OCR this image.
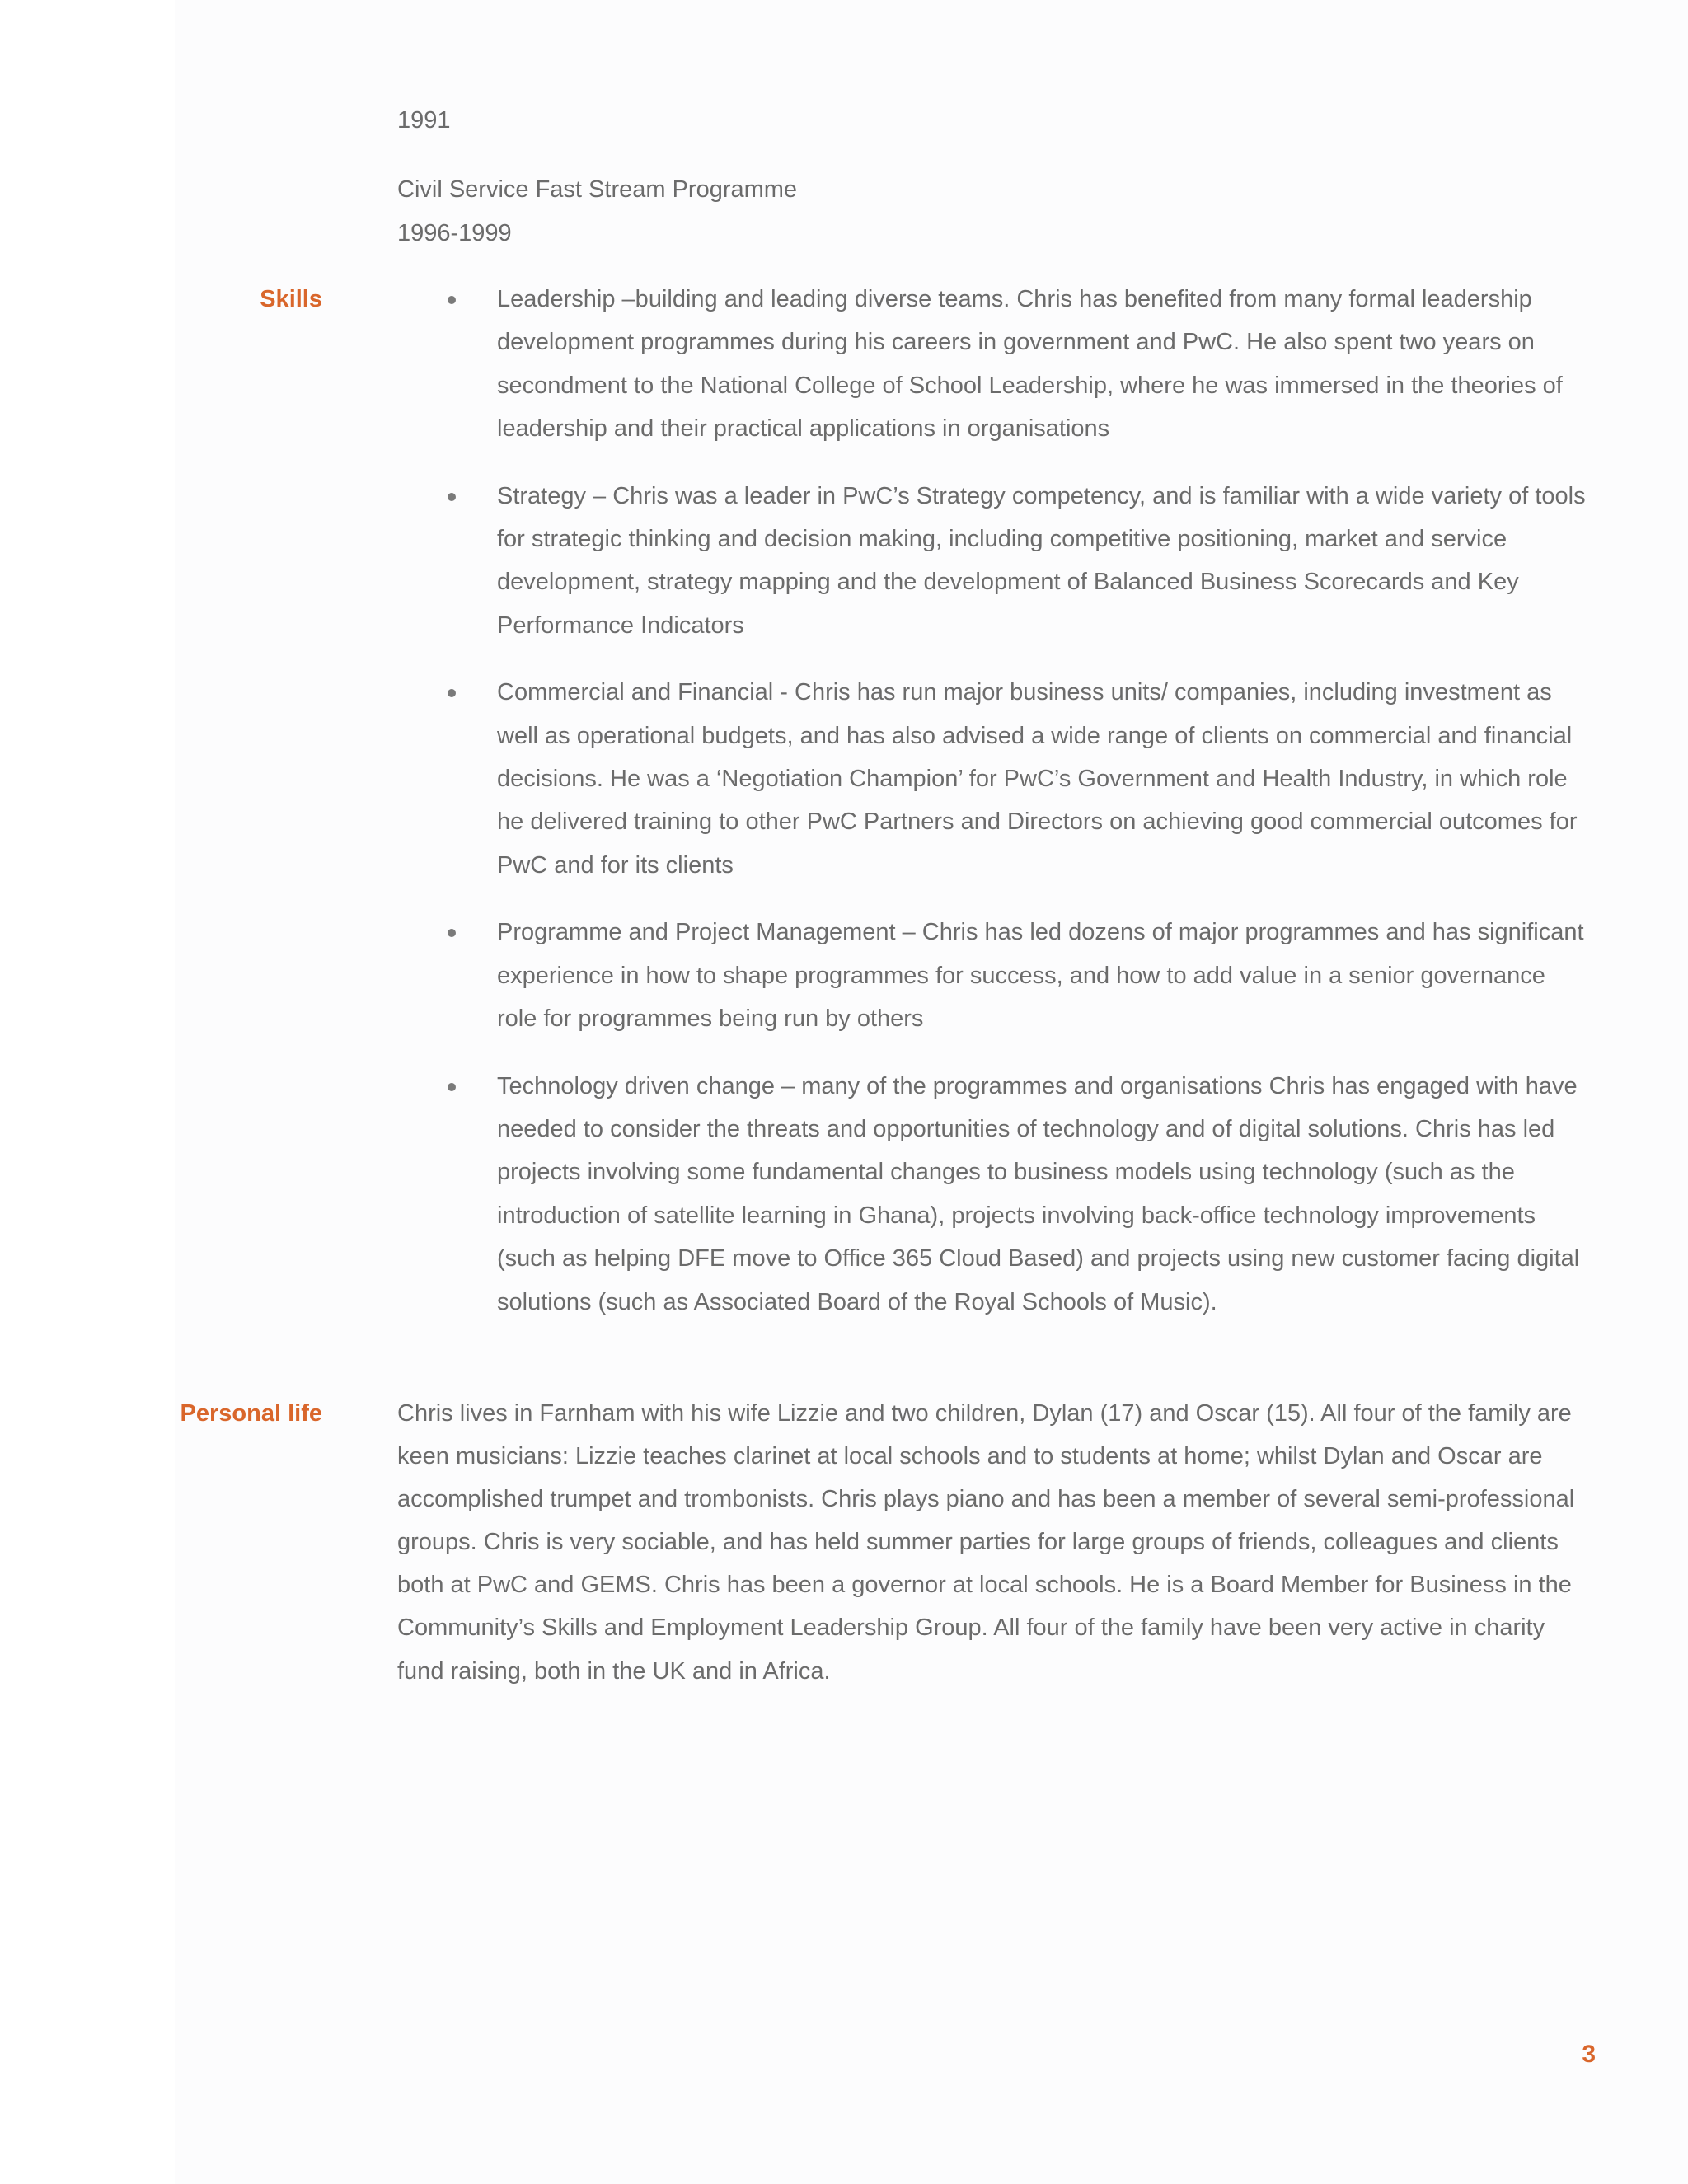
1991
Civil Service Fast Stream Programme
1996-1999
Skills	Leadership –building and leading diverse teams. Chris has benefited from many formal leadership development programmes during his careers in government and PwC. He also spent two years on secondment to the National College of School Leadership, where he was immersed in the theories of leadership and their practical applications in organisations
Strategy – Chris was a leader in PwC’s Strategy competency, and is familiar with a wide variety of tools for strategic thinking and decision making, including competitive positioning, market and service development, strategy mapping and the development of Balanced Business Scorecards and Key Performance Indicators
Commercial and Financial - Chris has run major business units/ companies, including investment as well as operational budgets, and has also advised a wide range of clients on commercial and financial decisions. He was a ‘Negotiation Champion’ for PwC’s Government and Health Industry, in which role he delivered training to other PwC Partners and Directors on achieving good commercial outcomes for PwC and for its clients
Programme and Project Management – Chris has led dozens of major programmes and has significant experience in how to shape programmes for success, and how to add value in a senior governance role for programmes being run by others
Technology driven change – many of the programmes and organisations Chris has engaged with have needed to consider the threats and opportunities of technology and of digital solutions. Chris has led projects involving some fundamental changes to business models using technology (such as the introduction of satellite learning in Ghana), projects involving back-office technology improvements (such as helping DFE move to Office 365 Cloud Based) and projects using new customer facing digital solutions (such as Associated Board of the Royal Schools of Music).
Personal life	Chris lives in Farnham with his wife Lizzie and two children, Dylan (17) and Oscar (15). All four of the family are keen musicians: Lizzie teaches clarinet at local schools and to students at home; whilst Dylan and Oscar are accomplished trumpet and trombonists. Chris plays piano and has been a member of several semi-professional groups. Chris is very sociable, and has held summer parties for large groups of friends, colleagues and clients both at PwC and GEMS. Chris has been a governor at local schools. He is a Board Member for Business in the Community’s Skills and Employment Leadership Group. All four of the family have been very active in charity fund raising, both in the UK and in Africa.

3
